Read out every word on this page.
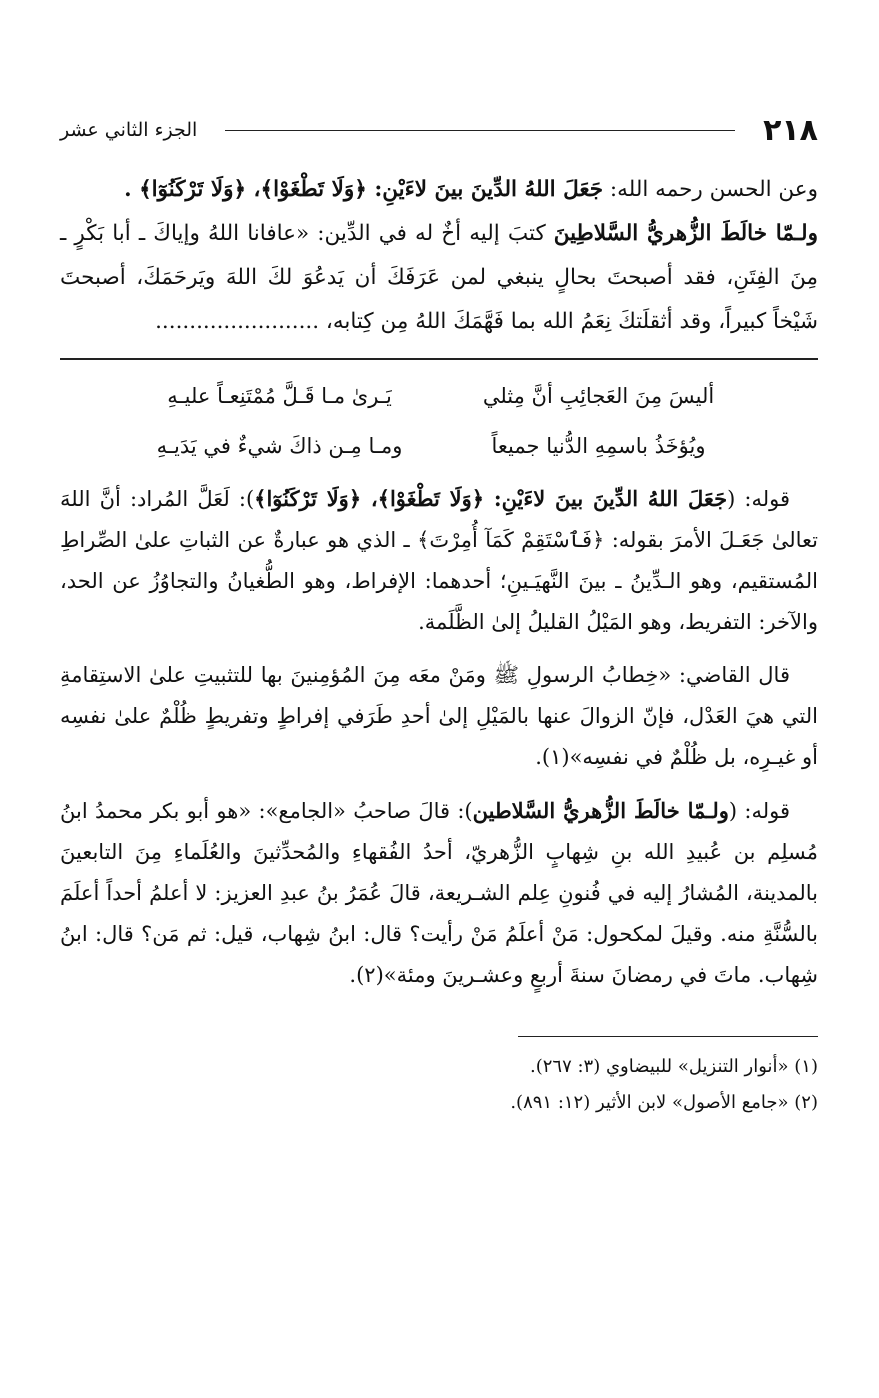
٢١٨
الجزء الثاني عشر

وعن الحسن رحمه الله: جَعَلَ اللهُ الدِّينَ بينَ لاءَيْنِ: ﴿وَلَا تَطْغَوْا﴾، ﴿وَلَا تَرْكَنُوٓا﴾ .

ولـمّا خالَطَ الزُّهريُّ السَّلاطِينَ كتبَ إليه أخٌ له في الدِّين: «عافانا اللهُ وإياكَ ـ أبا بَكْرٍ ـ مِنَ الفِتَنِ، فقد أصبحتَ بحالٍ ينبغي لمن عَرَفَكَ أن يَدعُوَ لكَ اللهَ ويَرحَمَكَ، أصبحتَ شَيْخاً كبيراً، وقد أثقلَتكَ نِعَمُ الله بما فَهَّمَكَ اللهُ مِن كِتابه، ........................

أليسَ مِنَ العَجائِبِ أنَّ مِثلي
يَـرىٰ مـا قَـلَّ مُمْتَنِعـاً عليـهِ
ويُؤخَذُ باسمِهِ الدُّنيا جميعاً
ومـا مِـن ذاكَ شيءٌ في يَدَيـهِ

قوله: (جَعَلَ اللهُ الدِّينَ بينَ لاءَيْنِ: ﴿وَلَا تَطْغَوْا﴾، ﴿وَلَا تَرْكَنُوٓا﴾): لَعَلَّ المُراد: أنَّ اللهَ تعالىٰ جَعَـلَ الأمرَ بقوله: ﴿فَٱسْتَقِمْ كَمَآ أُمِرْتَ﴾ ـ الذي هو عبارةٌ عن الثباتِ علىٰ الصِّراطِ المُستقيم، وهو الـدِّينُ ـ بينَ النَّهيَـينِ؛ أحدهما: الإفراط، وهو الطُّغيانُ والتجاوُزُ عن الحد، والآخر: التفريط، وهو المَيْلُ القليلُ إلىٰ الظَّلَمة.

قال القاضي: «خِطابُ الرسولِ ﷺ ومَنْ معَه مِنَ المُؤمِنينَ بها للتثبيتِ علىٰ الاستِقامةِ التي هيَ العَدْل، فإنّ الزوالَ عنها بالمَيْلِ إلىٰ أحدِ طَرَفي إفراطٍ وتفريطٍ ظُلْمٌ علىٰ نفسِه أو غيـرِه، بل ظُلْمٌ في نفسِه»(١).

قوله: (ولـمّا خالَطَ الزُّهريُّ السَّلاطين): قالَ صاحبُ «الجامع»: «هو أبو بكر محمدُ ابنُ مُسلِم بن عُبيدِ الله بنِ شِهابٍ الزُّهريّ، أحدُ الفُقهاءِ والمُحدِّثينَ والعُلَماءِ مِنَ التابعينَ بالمدينة، المُشارُ إليه في فُنونِ عِلم الشـريعة، قالَ عُمَرُ بنُ عبدِ العزيز: لا أعلمُ أحداً أعلَمَ بالسُّنَّةِ منه. وقيلَ لمكحول: مَنْ أعلَمُ مَنْ رأيت؟ قال: ابنُ شِهاب، قيل: ثم مَن؟ قال: ابنُ شِهاب. ماتَ في رمضانَ سنةَ أربعٍ وعشـرينَ ومئة»(٢).

(١) «أنوار التنزيل» للبيضاوي (٣: ٢٦٧).
(٢) «جامع الأصول» لابن الأثير (١٢: ٨٩١).
